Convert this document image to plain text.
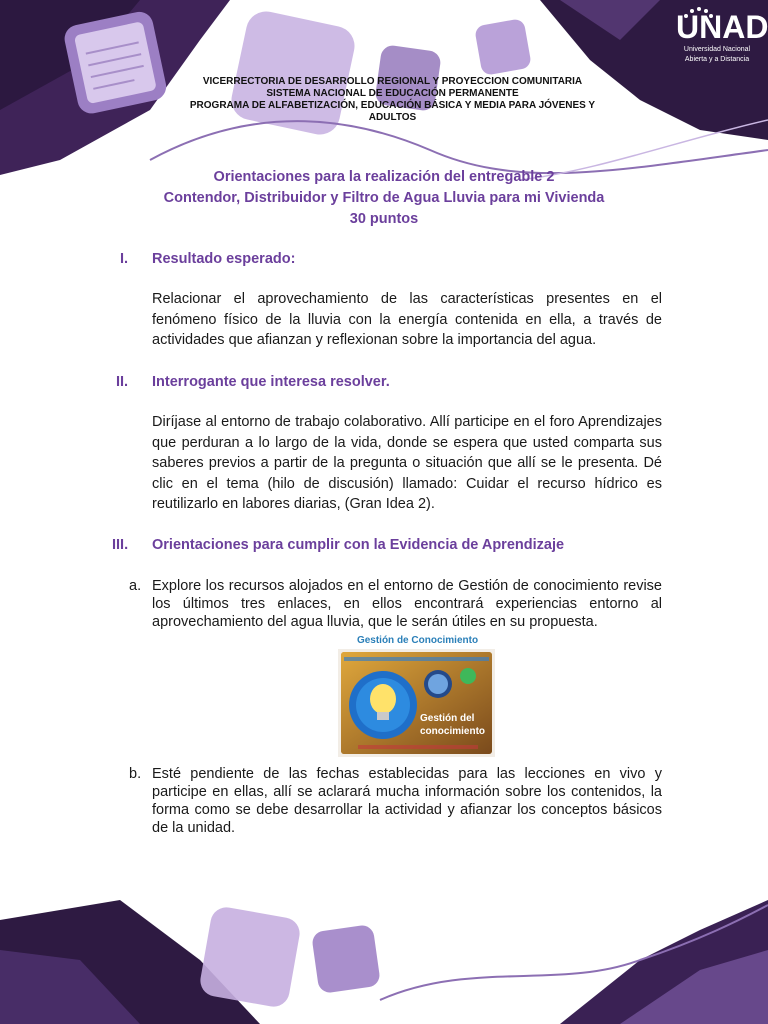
UNAD
Universidad Nacional
Abierta y a Distancia
VICERRECTORIA DE DESARROLLO REGIONAL Y PROYECCION COMUNITARIA
SISTEMA NACIONAL DE EDUCACIÓN PERMANENTE
PROGRAMA DE ALFABETIZACIÓN, EDUCACIÓN BÁSICA Y MEDIA PARA JÓVENES Y
ADULTOS
Orientaciones para la realización del entregable 2
Contendor, Distribuidor y Filtro de Agua Lluvia para mi Vivienda
30 puntos
I. Resultado esperado:
Relacionar el aprovechamiento de las características presentes en el fenómeno físico de la lluvia con la energía contenida en ella, a través de actividades que afianzan y reflexionan sobre la importancia del agua.
II. Interrogante que interesa resolver.
Diríjase al entorno de trabajo colaborativo. Allí participe en el foro Aprendizajes que perduran a lo largo de la vida, donde se espera que usted comparta sus saberes previos a partir de la pregunta o situación que allí se le presenta. Dé clic en el tema (hilo de discusión) llamado: Cuidar el recurso hídrico es reutilizarlo en labores diarias, (Gran Idea 2).
III. Orientaciones para cumplir con la Evidencia de Aprendizaje
a. Explore los recursos alojados en el entorno de Gestión de conocimiento revise los últimos tres enlaces, en ellos encontrará experiencias entorno al aprovechamiento del agua lluvia, que le serán útiles en su propuesta.
Gestión de Conocimiento
Gestión del
conocimiento
b. Esté pendiente de las fechas establecidas para las lecciones en vivo y participe en ellas, allí se aclarará mucha información sobre los contenidos, la forma como se debe desarrollar la actividad y afianzar los conceptos básicos de la unidad.
